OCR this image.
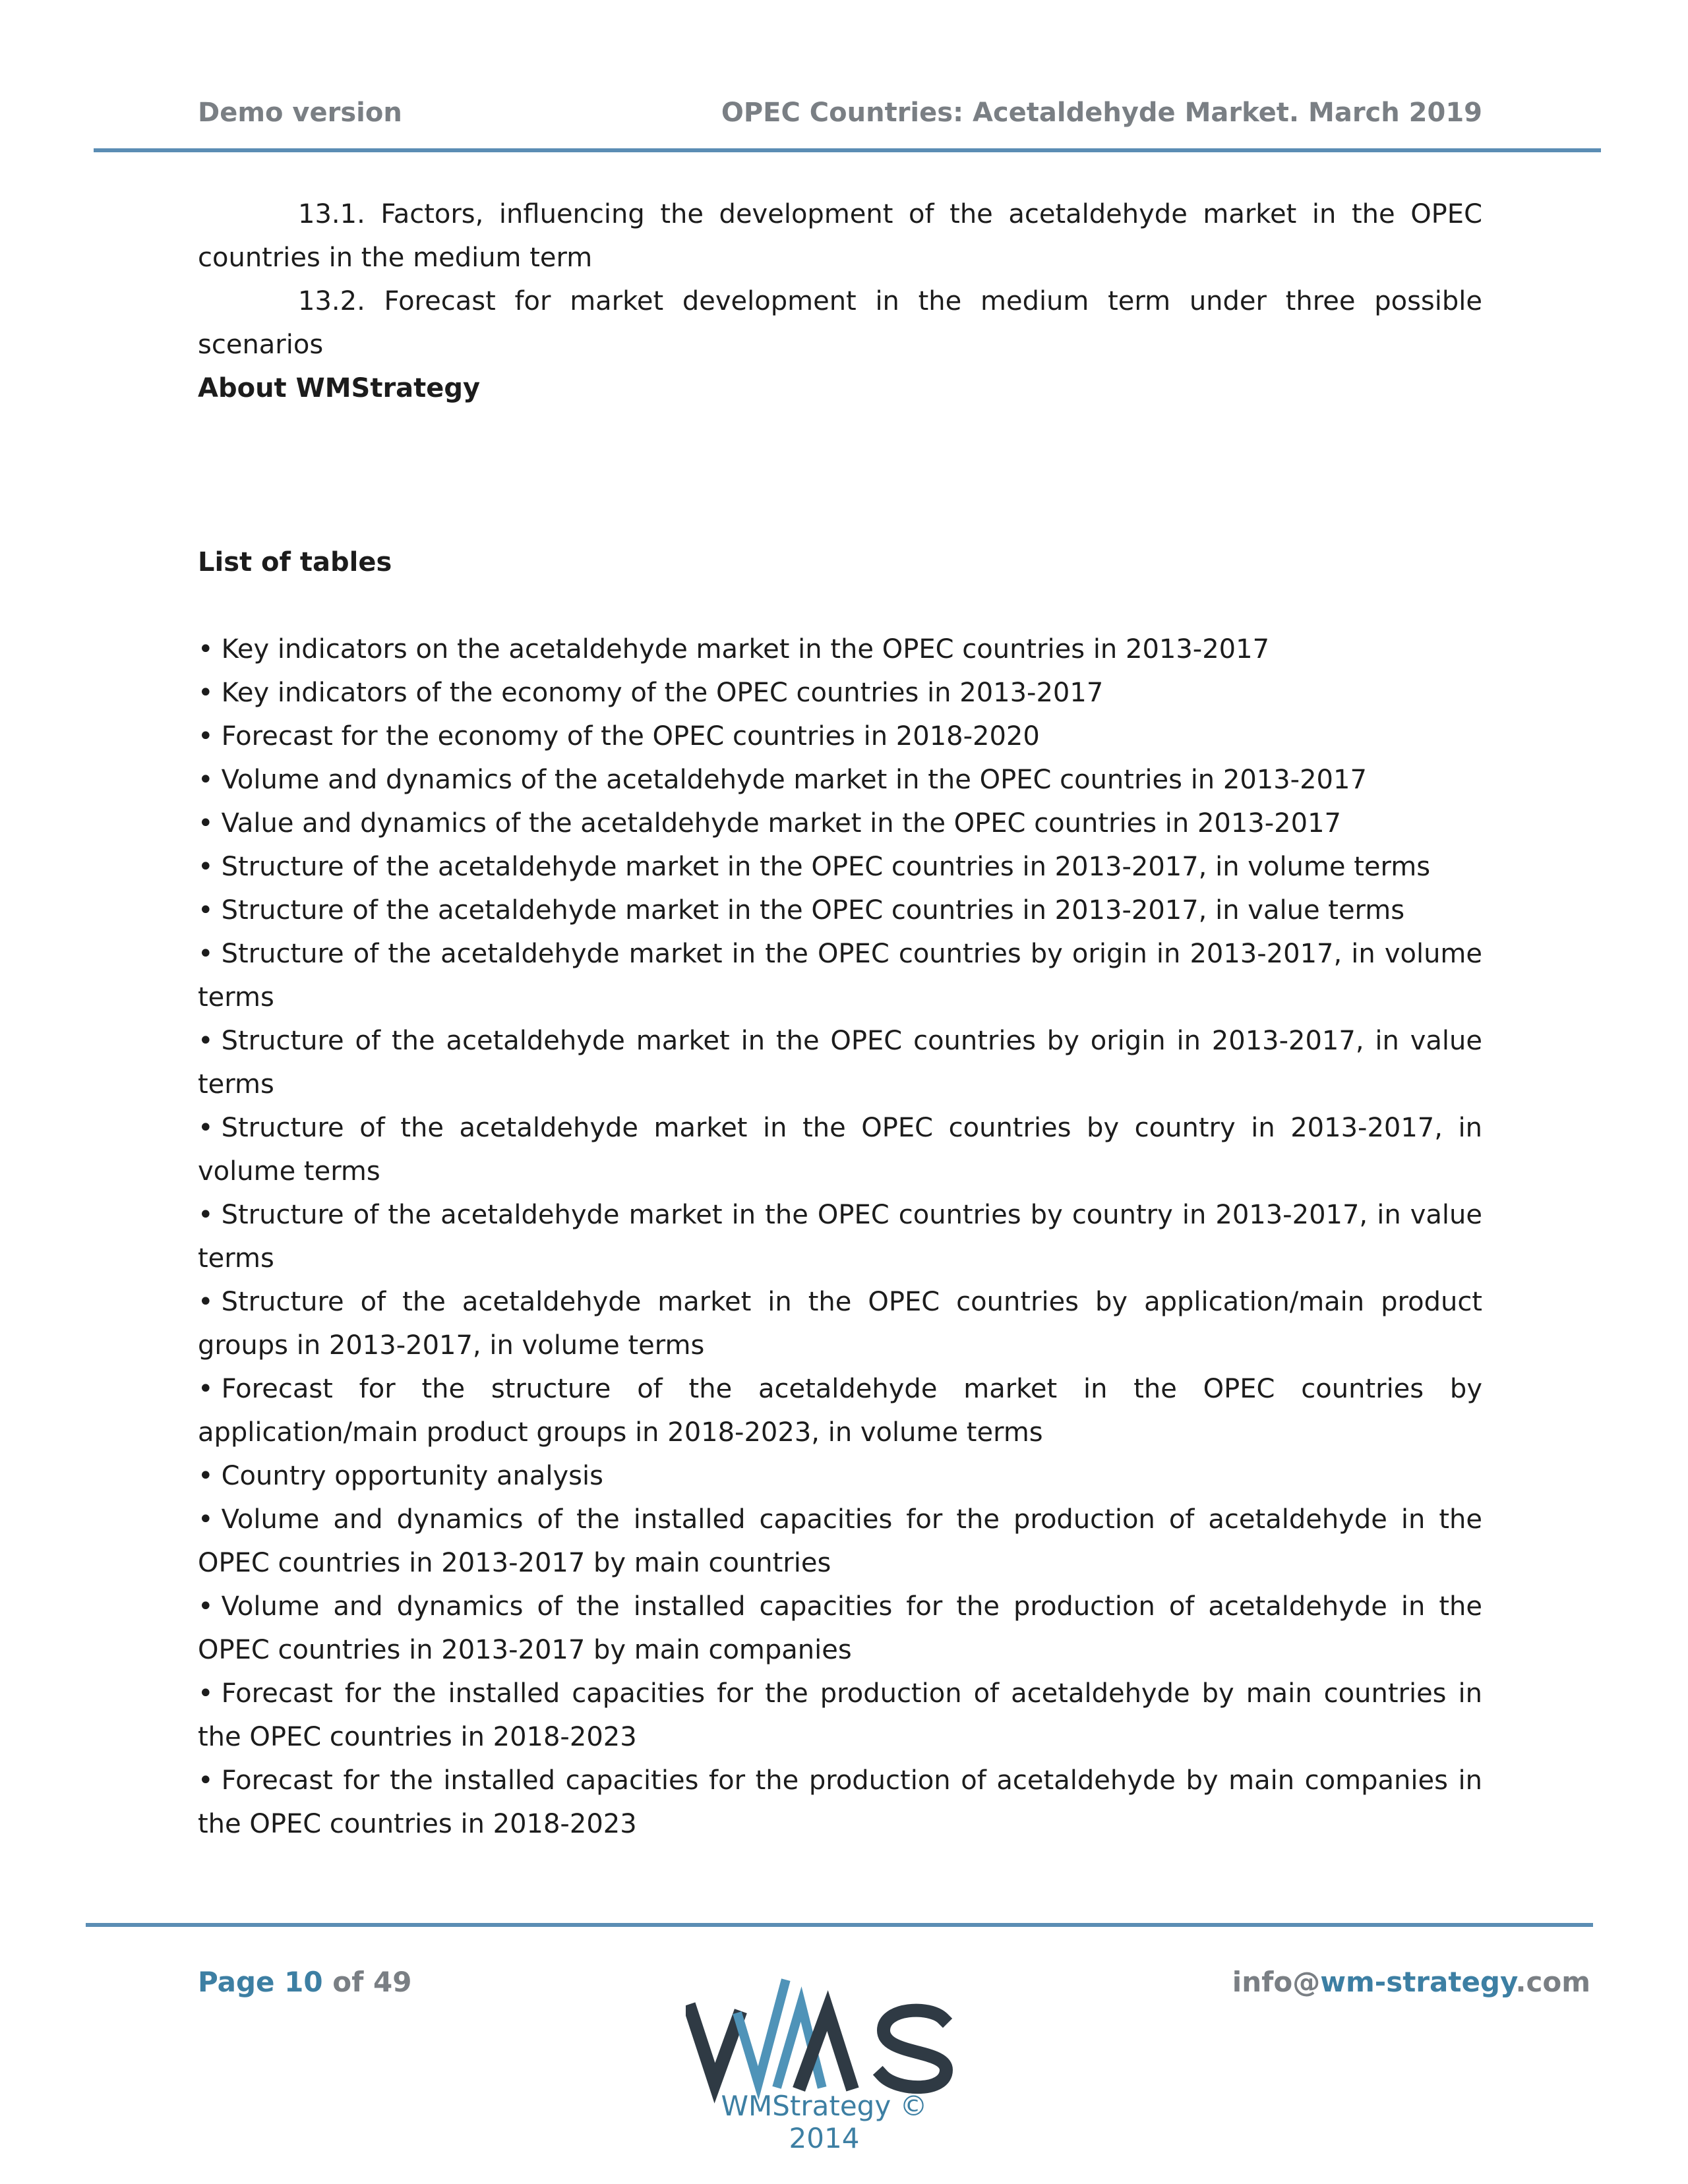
Demo version	OPEC Countries: Acetaldehyde Market. March 2019

13.1. Factors, influencing the development of the acetaldehyde market in the OPEC countries in the medium term

13.2. Forecast for market development in the medium term under three possible scenarios

About WMStrategy

List of tables

• Key indicators on the acetaldehyde market in the OPEC countries in 2013-2017
• Key indicators of the economy of the OPEC countries in 2013-2017
• Forecast for the economy of the OPEC countries in 2018-2020
• Volume and dynamics of the acetaldehyde market in the OPEC countries in 2013-2017
• Value and dynamics of the acetaldehyde market in the OPEC countries in 2013-2017
• Structure of the acetaldehyde market in the OPEC countries in 2013-2017, in volume terms
• Structure of the acetaldehyde market in the OPEC countries in 2013-2017, in value terms
• Structure of the acetaldehyde market in the OPEC countries by origin in 2013-2017, in volume terms
• Structure of the acetaldehyde market in the OPEC countries by origin in 2013-2017, in value terms
• Structure of the acetaldehyde market in the OPEC countries by country in 2013-2017, in volume terms
• Structure of the acetaldehyde market in the OPEC countries by country in 2013-2017, in value terms
• Structure of the acetaldehyde market in the OPEC countries by application/main product groups in 2013-2017, in volume terms
• Forecast for the structure of the acetaldehyde market in the OPEC countries by application/main product groups in 2018-2023, in volume terms
• Country opportunity analysis
• Volume and dynamics of the installed capacities for the production of acetaldehyde in the OPEC countries in 2013-2017 by main countries
• Volume and dynamics of the installed capacities for the production of acetaldehyde in the OPEC countries in 2013-2017 by main companies
• Forecast for the installed capacities for the production of acetaldehyde by main countries in the OPEC countries in 2018-2023
• Forecast for the installed capacities for the production of acetaldehyde by main companies in the OPEC countries in 2018-2023
Page 10 of 49	WMS
WMStrategy © 2014
info@wm-strategy.com
